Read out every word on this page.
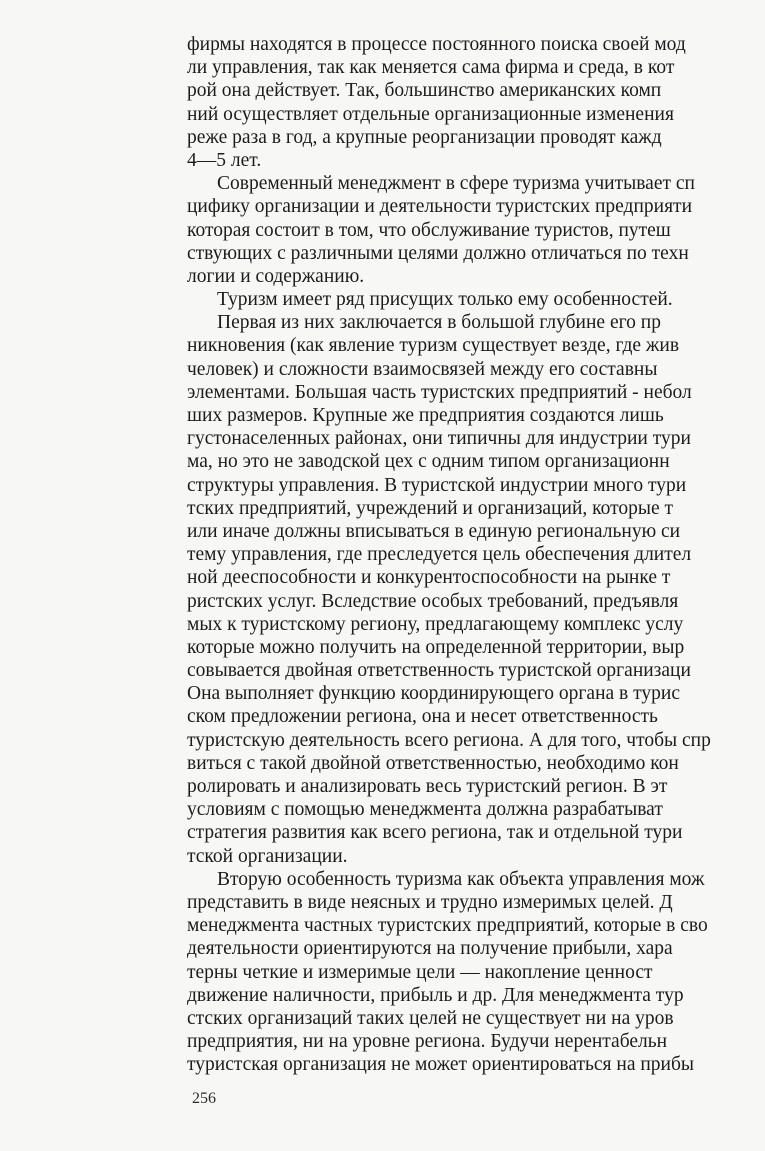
фирмы находятся в процессе постоянного поиска своей мод
ли управления, так как меняется сама фирма и среда, в кот
рой она действует. Так, большинство американских комп
ний осуществляет отдельные организационные изменения
реже раза в год, а крупные реорганизации проводят кажд
4—5 лет.
Современный менеджмент в сфере туризма учитывает сп
цифику организации и деятельности туристских предприяти
которая состоит в том, что обслуживание туристов, путеш
ствующих с различными целями должно отличаться по техн
логии и содержанию.
Туризм имеет ряд присущих только ему особенностей.
Первая из них заключается в большой глубине его пр
никновения (как явление туризм существует везде, где жив
человек) и сложности взаимосвязей между его составны
элементами. Большая часть туристских предприятий - небол
ших размеров. Крупные же предприятия создаются лишь
густонаселенных районах, они типичны для индустрии тури
ма, но это не заводской цех с одним типом организационн
структуры управления. В туристской индустрии много тури
тских предприятий, учреждений и организаций, которые т
или иначе должны вписываться в единую региональную си
тему управления, где преследуется цель обеспечения длител
ной дееспособности и конкурентоспособности на рынке т
ристских услуг. Вследствие особых требований, предъявля
мых к туристскому региону, предлагающему комплекс услу
которые можно получить на определенной территории, выр
совывается двойная ответственность туристской организаци
Она выполняет функцию координирующего органа в турис
ском предложении региона, она и несет ответственность
туристскую деятельность всего региона. А для того, чтобы спр
виться с такой двойной ответственностью, необходимо кон
ролировать и анализировать весь туристский регион. В эт
условиям с помощью менеджмента должна разрабатыват
стратегия развития как всего региона, так и отдельной тури
тской организации.
Вторую особенность туризма как объекта управления мож
представить в виде неясных и трудно измеримых целей. Д
менеджмента частных туристских предприятий, которые в сво
деятельности ориентируются на получение прибыли, хара
терны четкие и измеримые цели — накопление ценност
движение наличности, прибыль и др. Для менеджмента тур
стских организаций таких целей не существует ни на уров
предприятия, ни на уровне региона. Будучи нерентабельн
туристская организация не может ориентироваться на прибы
256
